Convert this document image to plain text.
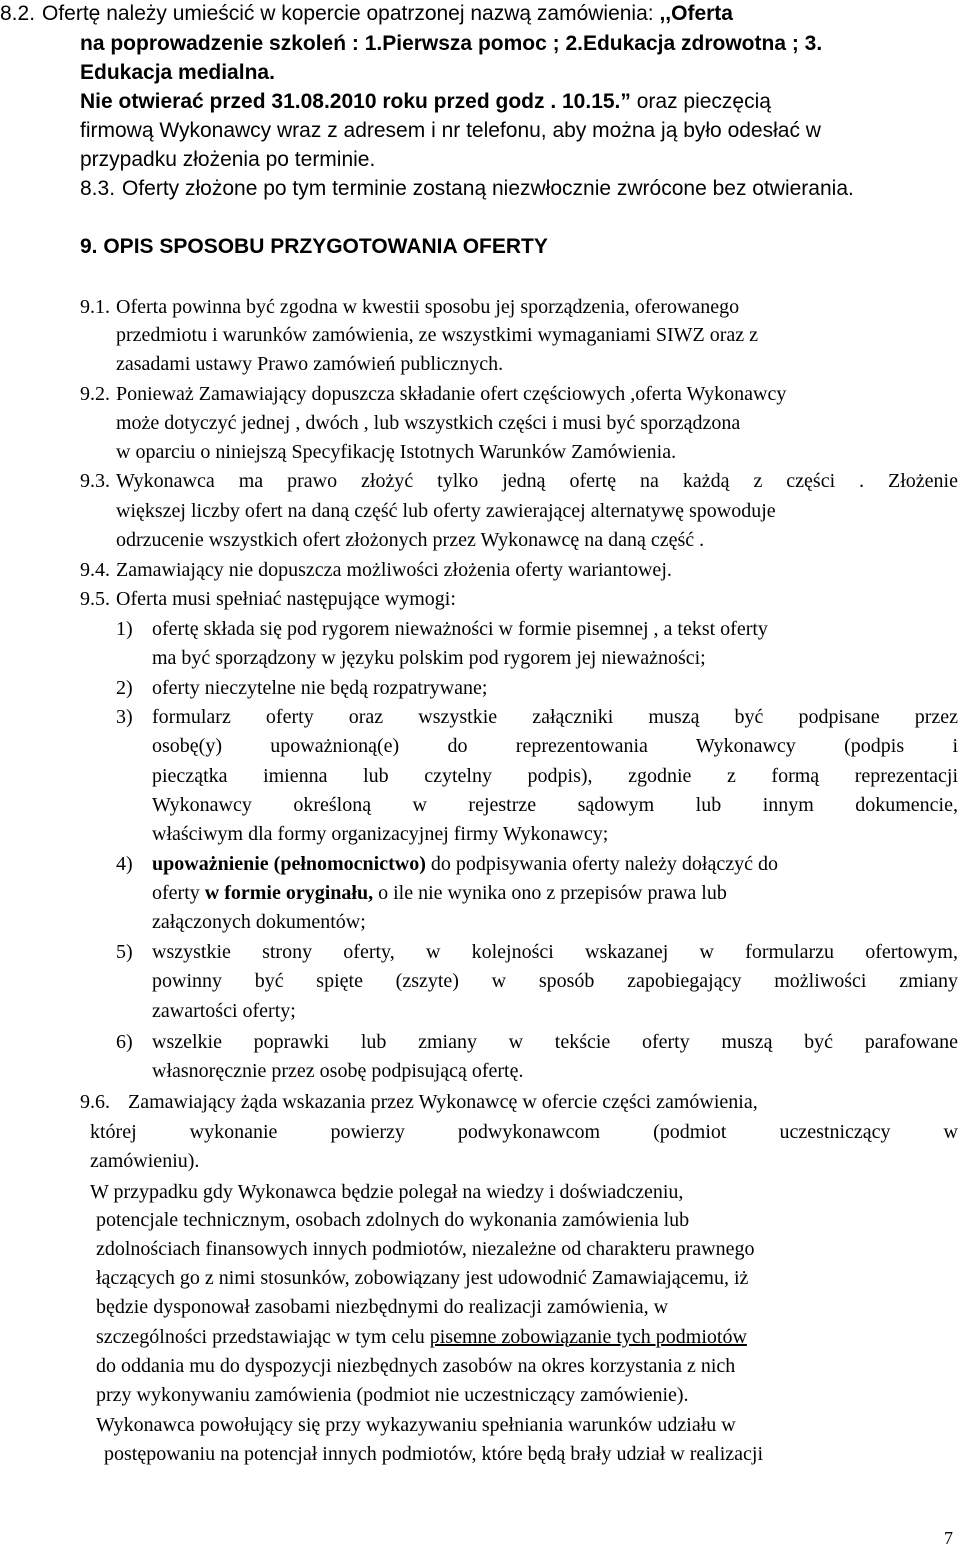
8.2. Ofertę należy umieścić w kopercie opatrzonej nazwą zamówienia: ,,Oferta
na poprowadzenie szkoleń : 1.Pierwsza pomoc ; 2.Edukacja zdrowotna ; 3.
Edukacja medialna.
Nie otwierać przed 31.08.2010 roku przed godz . 10.15.” oraz pieczęcią
firmową Wykonawcy wraz z adresem i nr telefonu, aby można ją było odesłać w
przypadku złożenia po terminie.
8.3. Oferty złożone po tym terminie zostaną niezwłocznie zwrócone bez otwierania.
9. OPIS SPOSOBU PRZYGOTOWANIA OFERTY
9.1. Oferta powinna być zgodna w kwestii sposobu jej sporządzenia, oferowanego
przedmiotu i warunków zamówienia, ze wszystkimi wymaganiami SIWZ oraz z
zasadami ustawy Prawo zamówień publicznych.
9.2. Ponieważ Zamawiający dopuszcza składanie ofert częściowych ,oferta Wykonawcy
może dotyczyć jednej , dwóch , lub wszystkich części i musi być sporządzona
w oparciu o niniejszą Specyfikację Istotnych Warunków Zamówienia.
9.3. Wykonawca ma prawo złożyć tylko jedną ofertę na każdą z części . Złożenie
większej liczby ofert na daną część lub oferty zawierającej alternatywę spowoduje
odrzucenie wszystkich ofert złożonych przez Wykonawcę na daną część .
9.4. Zamawiający nie dopuszcza możliwości złożenia oferty wariantowej.
9.5. Oferta musi spełniać następujące wymogi:
1) ofertę składa się pod rygorem nieważności w formie pisemnej , a tekst oferty
ma być sporządzony w języku polskim pod rygorem jej nieważności;
2) oferty nieczytelne nie będą rozpatrywane;
3) formularz oferty oraz wszystkie załączniki muszą być podpisane przez
osobę(y) upoważnioną(e) do reprezentowania Wykonawcy (podpis i
pieczątka imienna lub czytelny podpis), zgodnie z formą reprezentacji
Wykonawcy określoną w rejestrze sądowym lub innym dokumencie,
właściwym dla formy organizacyjnej firmy Wykonawcy;
4) upoważnienie (pełnomocnictwo) do podpisywania oferty należy dołączyć do
oferty w formie oryginału, o ile nie wynika ono z przepisów prawa lub
załączonych dokumentów;
5) wszystkie strony oferty, w kolejności wskazanej w formularzu ofertowym,
powinny być spięte (zszyte) w sposób zapobiegający możliwości zmiany
zawartości oferty;
6) wszelkie poprawki lub zmiany w tekście oferty muszą być parafowane
własnoręcznie przez osobę podpisującą ofertę.
9.6. Zamawiający żąda wskazania przez Wykonawcę w ofercie części zamówienia,
której wykonanie powierzy podwykonawcom (podmiot uczestniczący w
zamówieniu).
W przypadku gdy Wykonawca będzie polegał na wiedzy i doświadczeniu,
potencjale technicznym, osobach zdolnych do wykonania zamówienia lub
zdolnościach finansowych innych podmiotów, niezależne od charakteru prawnego
łączących go z nimi stosunków, zobowiązany jest udowodnić Zamawiającemu, iż
będzie dysponował zasobami niezbędnymi do realizacji zamówienia, w
szczególności przedstawiając w tym celu pisemne zobowiązanie tych podmiotów
do oddania mu do dyspozycji niezbędnych zasobów na okres korzystania z nich
przy wykonywaniu zamówienia (podmiot nie uczestniczący zamówienie).
Wykonawca powołujący się przy wykazywaniu spełniania warunków udziału w
postępowaniu na potencjał innych podmiotów, które będą brały udział w realizacji
7
